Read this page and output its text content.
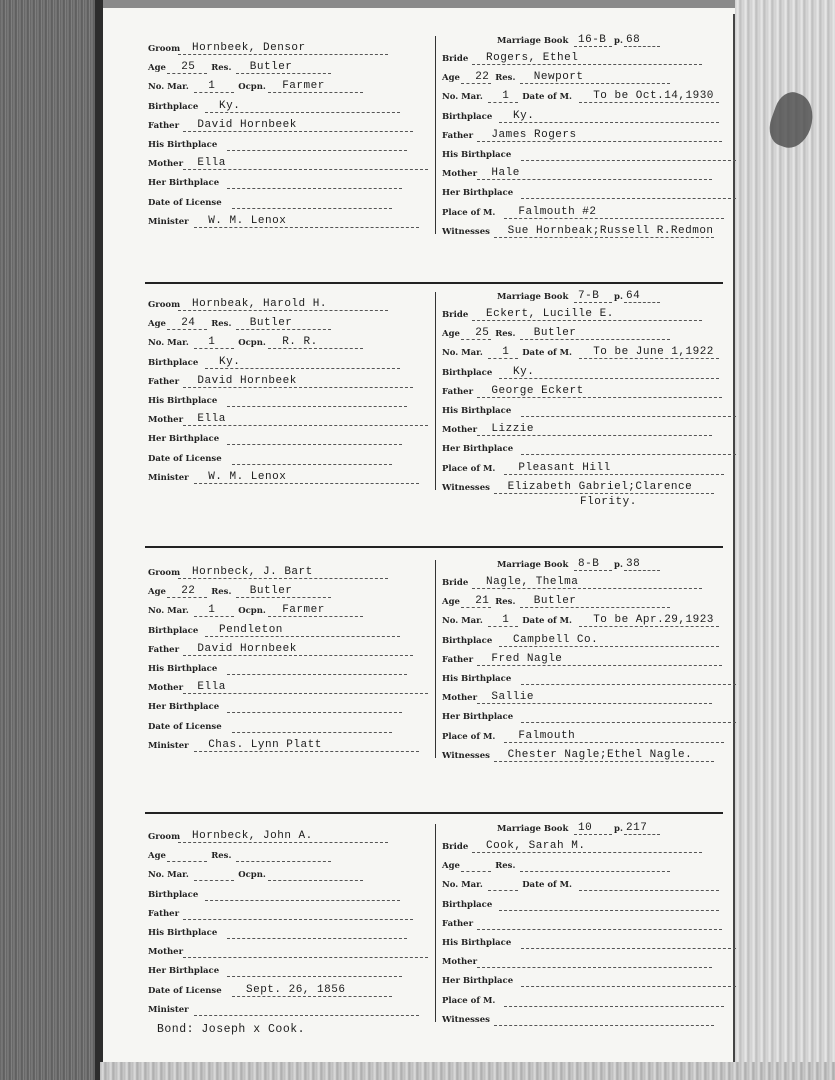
Groom Hornbeek, Densor
Age 25 Res. Butler
No. Mar. 1	Ocpn. Farmer
Birthplace Ky.
Father David Hornbeek
His Birthplace
Mother Ella
Her Birthplace
Date of License
Minister W. M. Lenox
Marriage Book 16-B p. 68
Bride Rogers, Ethel
Age 22 Res. Newport
No. Mar. 1 Date of M. To be Oct.14,1930
Birthplace Ky.
Father James Rogers
His Birthplace
Mother Hale
Her Birthplace
Place of M. Falmouth #2
Witnesses Sue Hornbeak;Russell R.Redmon
Groom Hornbeak, Harold H.
Age 24 Res. Butler
No. Mar. 1	Ocpn. R. R.
Birthplace Ky.
Father David Hornbeek
His Birthplace
Mother Ella
Her Birthplace
Date of License
Minister W. M. Lenox
Marriage Book 7-B p. 64
Bride Eckert, Lucille E.
Age 25 Res. Butler
No. Mar. 1 Date of M. To be June 1,1922
Birthplace Ky.
Father George Eckert
His Birthplace
Mother Lizzie
Her Birthplace
Place of M. Pleasant Hill
Witnesses Elizabeth Gabriel;Clarence
Flority.
Groom Hornbeck, J. Bart
Age 22 Res. Butler
No. Mar. 1	Ocpn. Farmer
Birthplace Pendleton
Father David Hornbeek
His Birthplace
Mother Ella
Her Birthplace
Date of License
Minister Chas. Lynn Platt
Marriage Book 8-B p. 38
Bride Nagle, Thelma
Age 21 Res. Butler
No. Mar. 1 Date of M. To be Apr.29,1923
Birthplace Campbell Co.
Father Fred Nagle
His Birthplace
Mother Sallie
Her Birthplace
Place of M. Falmouth
Witnesses Chester Nagle;Ethel Nagle.
Groom Hornbeck, John A.
Age	Res.
No. Mar.	Ocpn.
Birthplace
Father
His Birthplace
Mother
Her Birthplace
Date of License Sept. 26, 1856
Minister
Marriage Book 10	p. 217
Bride Cook, Sarah M.
Age	Res.
No. Mar.	Date of M.
Birthplace
Father
His Birthplace
Mother
Her Birthplace
Place of M.
Witnesses
Bond: Joseph x Cook.
